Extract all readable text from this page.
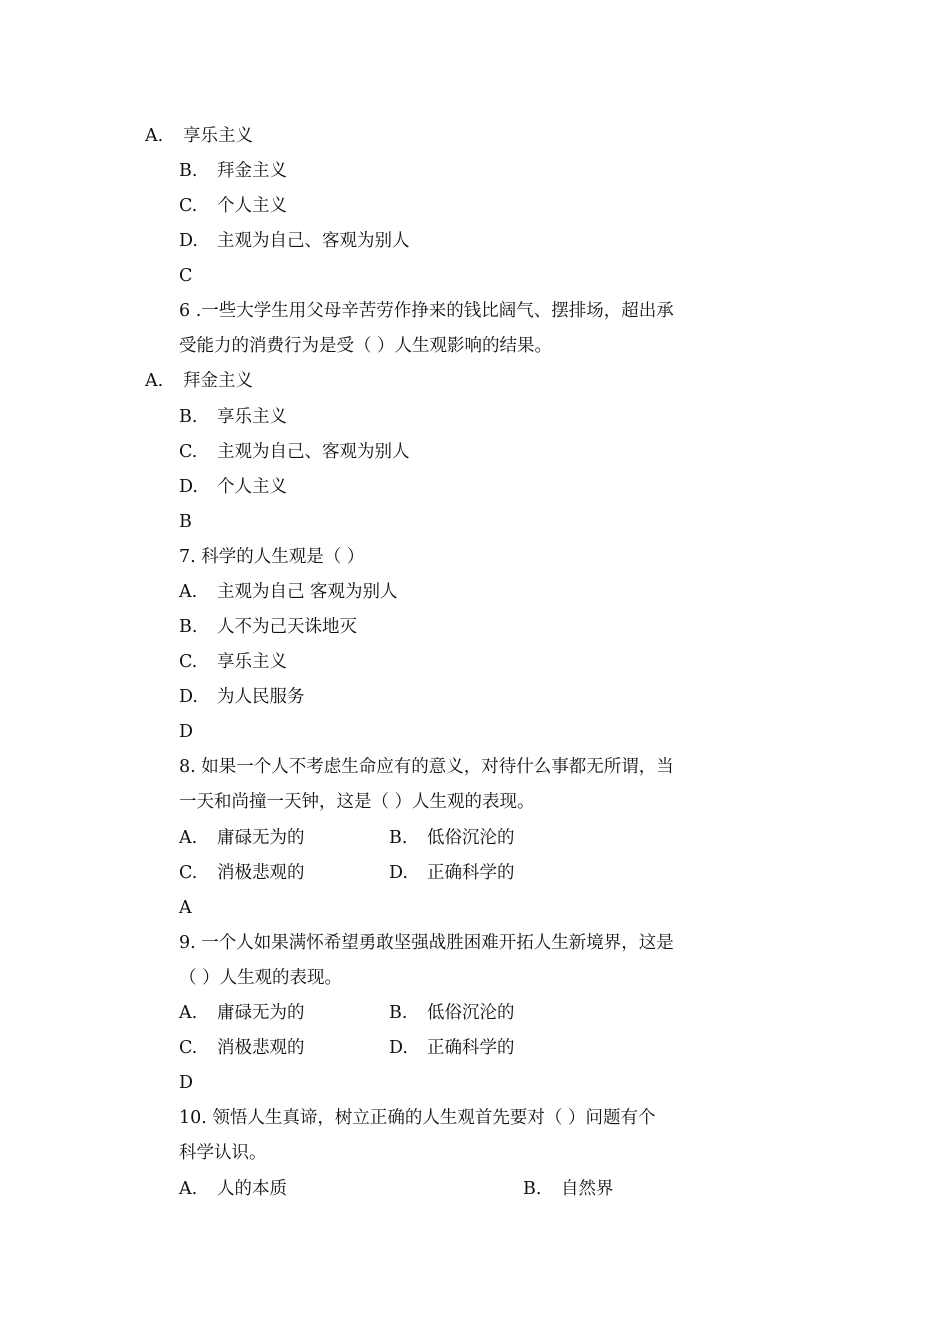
A. 享乐主义
B. 拜金主义
C. 个人主义
D. 主观为自己、客观为别人
C
6 .一些大学生用父母辛苦劳作挣来的钱比阔气、摆排场，超出承
受能力的消费行为是受（ ）人生观影响的结果。
A. 拜金主义
B. 享乐主义
C. 主观为自己、客观为别人
D. 个人主义
B
7. 科学的人生观是（ ）
A. 主观为自己 客观为别人
B. 人不为己天诛地灭
C. 享乐主义
D. 为人民服务
D
8. 如果一个人不考虑生命应有的意义，对待什么事都无所谓，当
一天和尚撞一天钟，这是（ ）人生观的表现。
A. 庸碌无为的	B. 低俗沉沦的
C. 消极悲观的	D. 正确科学的
A
9. 一个人如果满怀希望勇敢坚强战胜困难开拓人生新境界，这是
（ ）人生观的表现。
A. 庸碌无为的	B. 低俗沉沦的
C. 消极悲观的	D. 正确科学的
D
10. 领悟人生真谛，树立正确的人生观首先要对（ ）问题有个
科学认识。
A. 人的本质	B. 自然界
